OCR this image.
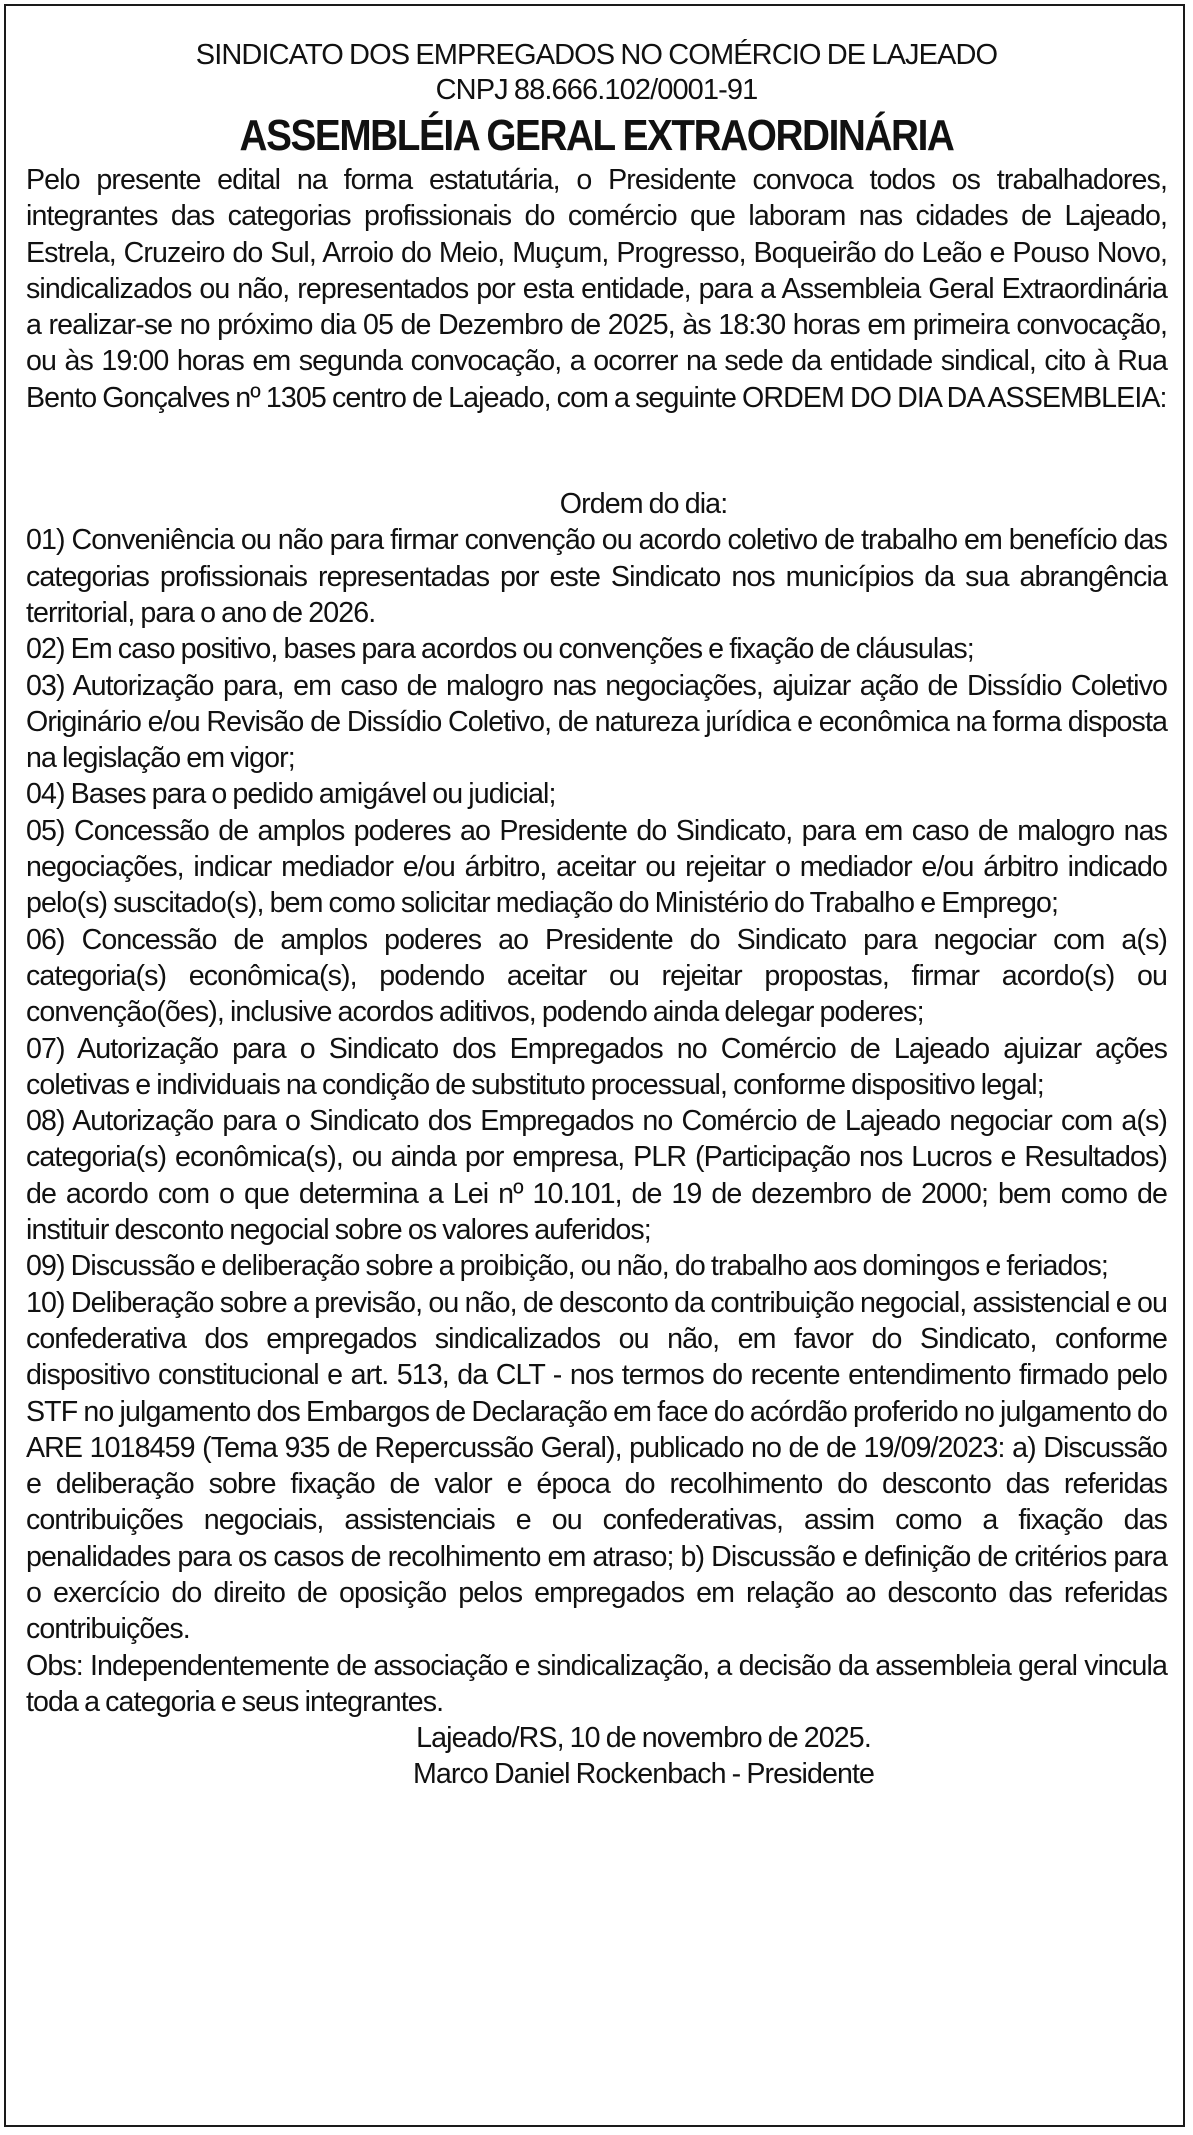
SINDICATO DOS EMPREGADOS NO COMÉRCIO DE LAJEADO
CNPJ 88.666.102/0001-91
ASSEMBLÉIA GERAL EXTRAORDINÁRIA

Pelo presente edital na forma estatutária, o Presidente convoca todos os trabalhadores, integrantes das categorias profissionais do comércio que laboram nas cidades de Lajeado, Estrela, Cruzeiro do Sul, Arroio do Meio, Muçum, Progresso, Boqueirão do Leão e Pouso Novo, sindicalizados ou não, representados por esta entidade, para a Assembleia Geral Extraordinária a realizar-se no próximo dia 05 de Dezembro de 2025, às 18:30 horas em primeira convocação, ou às 19:00 horas em segunda convocação, a ocorrer na sede da entidade sindical, cito à Rua Bento Gonçalves nº 1305 centro de Lajeado, com a seguinte ORDEM DO DIA DA ASSEMBLEIA:

Ordem do dia:

01) Conveniência ou não para firmar convenção ou acordo coletivo de trabalho em benefício das categorias profissionais representadas por este Sindicato nos municípios da sua abrangência territorial, para o ano de 2026.

02) Em caso positivo, bases para acordos ou convenções e fixação de cláusulas;

03) Autorização para, em caso de malogro nas negociações, ajuizar ação de Dissídio Coletivo Originário e/ou Revisão de Dissídio Coletivo, de natureza jurídica e econômica na forma disposta na legislação em vigor;

04) Bases para o pedido amigável ou judicial;

05) Concessão de amplos poderes ao Presidente do Sindicato, para em caso de malogro nas negociações, indicar mediador e/ou árbitro, aceitar ou rejeitar o mediador e/ou árbitro indicado pelo(s) suscitado(s), bem como solicitar mediação do Ministério do Trabalho e Emprego;

06) Concessão de amplos poderes ao Presidente do Sindicato para negociar com a(s) categoria(s) econômica(s), podendo aceitar ou rejeitar propostas, firmar acordo(s) ou convenção(ões), inclusive acordos aditivos, podendo ainda delegar poderes;

07) Autorização para o Sindicato dos Empregados no Comércio de Lajeado ajuizar ações coletivas e individuais na condição de substituto processual, conforme dispositivo legal;

08) Autorização para o Sindicato dos Empregados no Comércio de Lajeado negociar com a(s) categoria(s) econômica(s), ou ainda por empresa, PLR (Participação nos Lucros e Resultados) de acordo com o que determina a Lei nº 10.101, de 19 de dezembro de 2000; bem como de instituir desconto negocial sobre os valores auferidos;

09) Discussão e deliberação sobre a proibição, ou não, do trabalho aos domingos e feriados;

10) Deliberação sobre a previsão, ou não, de desconto da contribuição negocial, assistencial e ou confederativa dos empregados sindicalizados ou não, em favor do Sindicato, conforme dispositivo constitucional e art. 513, da CLT - nos termos do recente entendimento firmado pelo STF no julgamento dos Embargos de Declaração em face do acórdão proferido no julgamento do ARE 1018459 (Tema 935 de Repercussão Geral), publicado no de de 19/09/2023: a) Discussão e deliberação sobre fixação de valor e época do recolhimento do desconto das referidas contribuições negociais, assistenciais e ou confederativas, assim como a fixação das penalidades para os casos de recolhimento em atraso; b) Discussão e definição de critérios para o exercício do direito de oposição pelos empregados em relação ao desconto das referidas contribuições.

Obs: Independentemente de associação e sindicalização, a decisão da assembleia geral vincula toda a categoria e seus integrantes.

Lajeado/RS, 10 de novembro de 2025.
Marco Daniel Rockenbach - Presidente
